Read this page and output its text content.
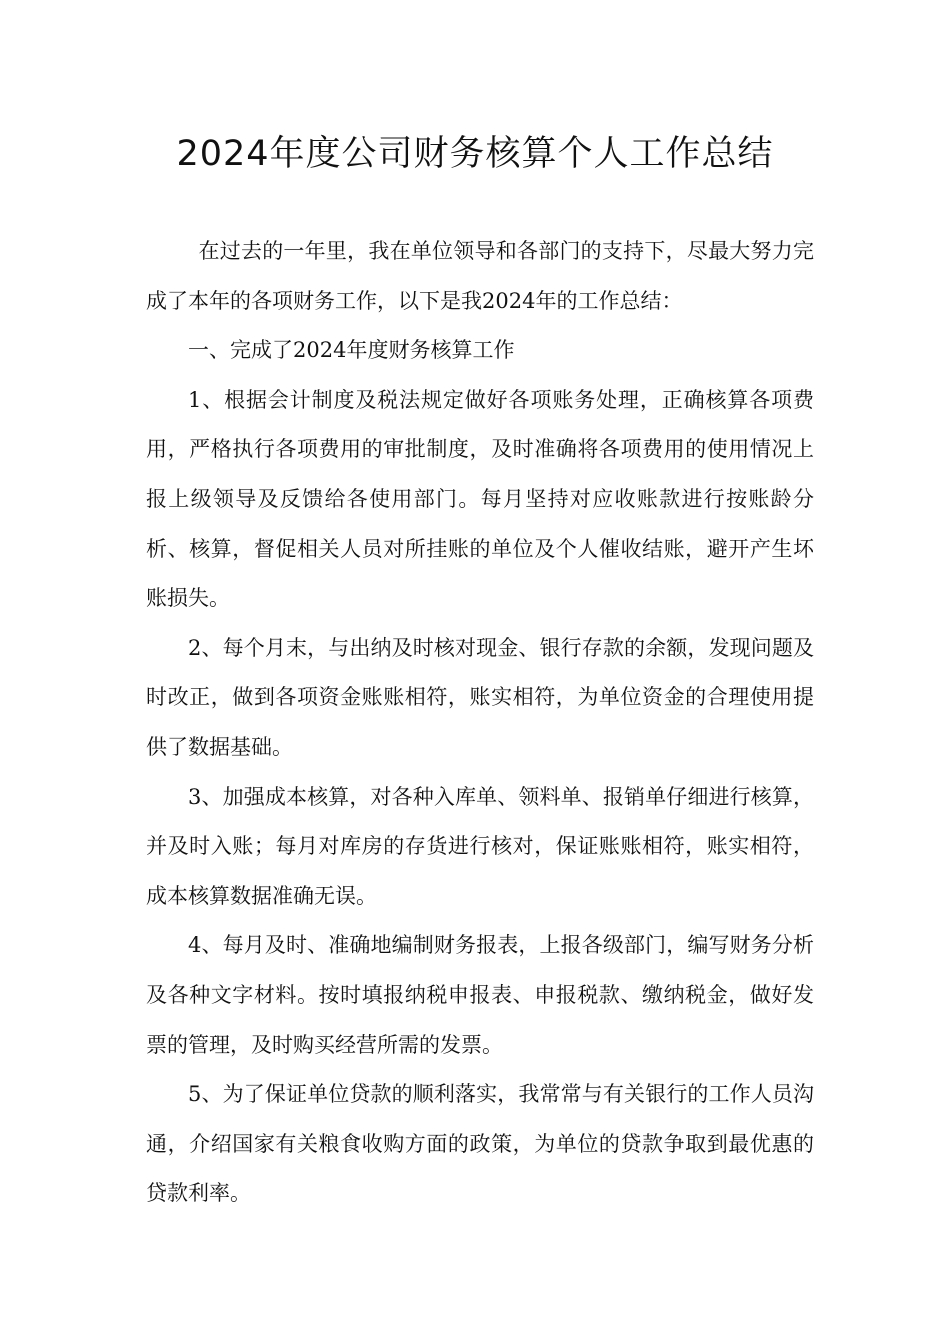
2024年度公司财务核算个人工作总结

在过去的一年里，我在单位领导和各部门的支持下，尽最大努力完成了本年的各项财务工作，以下是我2024年的工作总结：

一、完成了2024年度财务核算工作

1、根据会计制度及税法规定做好各项账务处理，正确核算各项费用，严格执行各项费用的审批制度，及时准确将各项费用的使用情况上报上级领导及反馈给各使用部门。每月坚持对应收账款进行按账龄分析、核算，督促相关人员对所挂账的单位及个人催收结账，避开产生坏账损失。

2、每个月末，与出纳及时核对现金、银行存款的余额，发现问题及时改正，做到各项资金账账相符，账实相符，为单位资金的合理使用提供了数据基础。

3、加强成本核算，对各种入库单、领料单、报销单仔细进行核算，并及时入账；每月对库房的存货进行核对，保证账账相符，账实相符，成本核算数据准确无误。

4、每月及时、准确地编制财务报表，上报各级部门，编写财务分析及各种文字材料。按时填报纳税申报表、申报税款、缴纳税金，做好发票的管理，及时购买经营所需的发票。

5、为了保证单位贷款的顺利落实，我常常与有关银行的工作人员沟通，介绍国家有关粮食收购方面的政策，为单位的贷款争取到最优惠的贷款利率。
